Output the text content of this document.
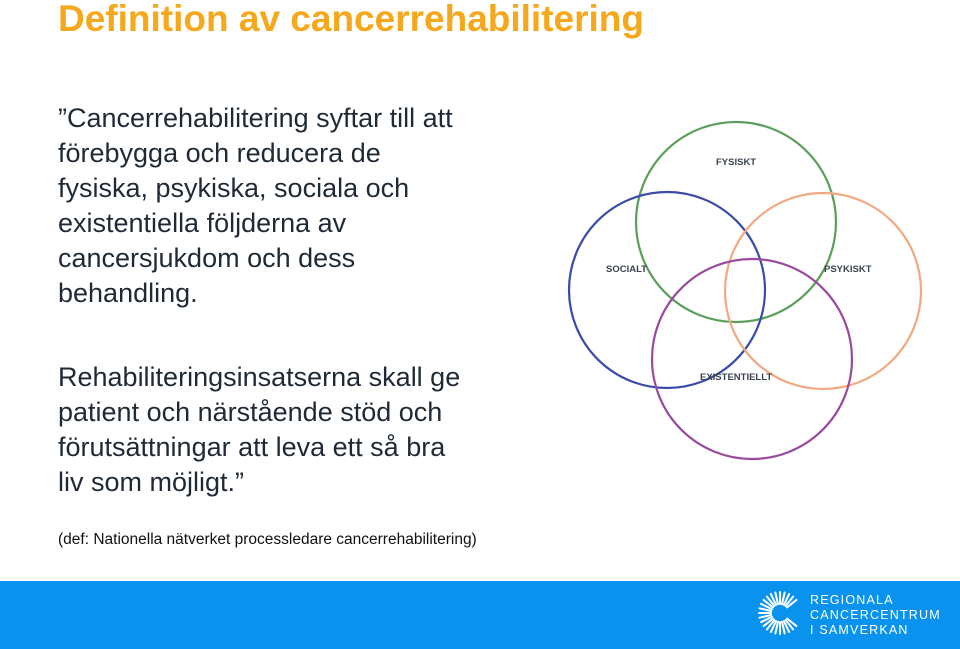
Definition av cancerrehabilitering
”Cancerrehabilitering syftar till att
förebygga och reducera de
fysiska, psykiska, sociala och
existentiella följderna av
cancersjukdom och dess
behandling.
Rehabiliteringsinsatserna skall ge
patient och närstående stöd och
förutsättningar att leva ett så bra
liv som möjligt.”
(def: Nationella nätverket processledare cancerrehabilitering)
FYSISKT
SOCIALT	PSYKISKT
EXISTENTIELLT
REGIONALA
CANCERCENTRUM
I SAMVERKAN
